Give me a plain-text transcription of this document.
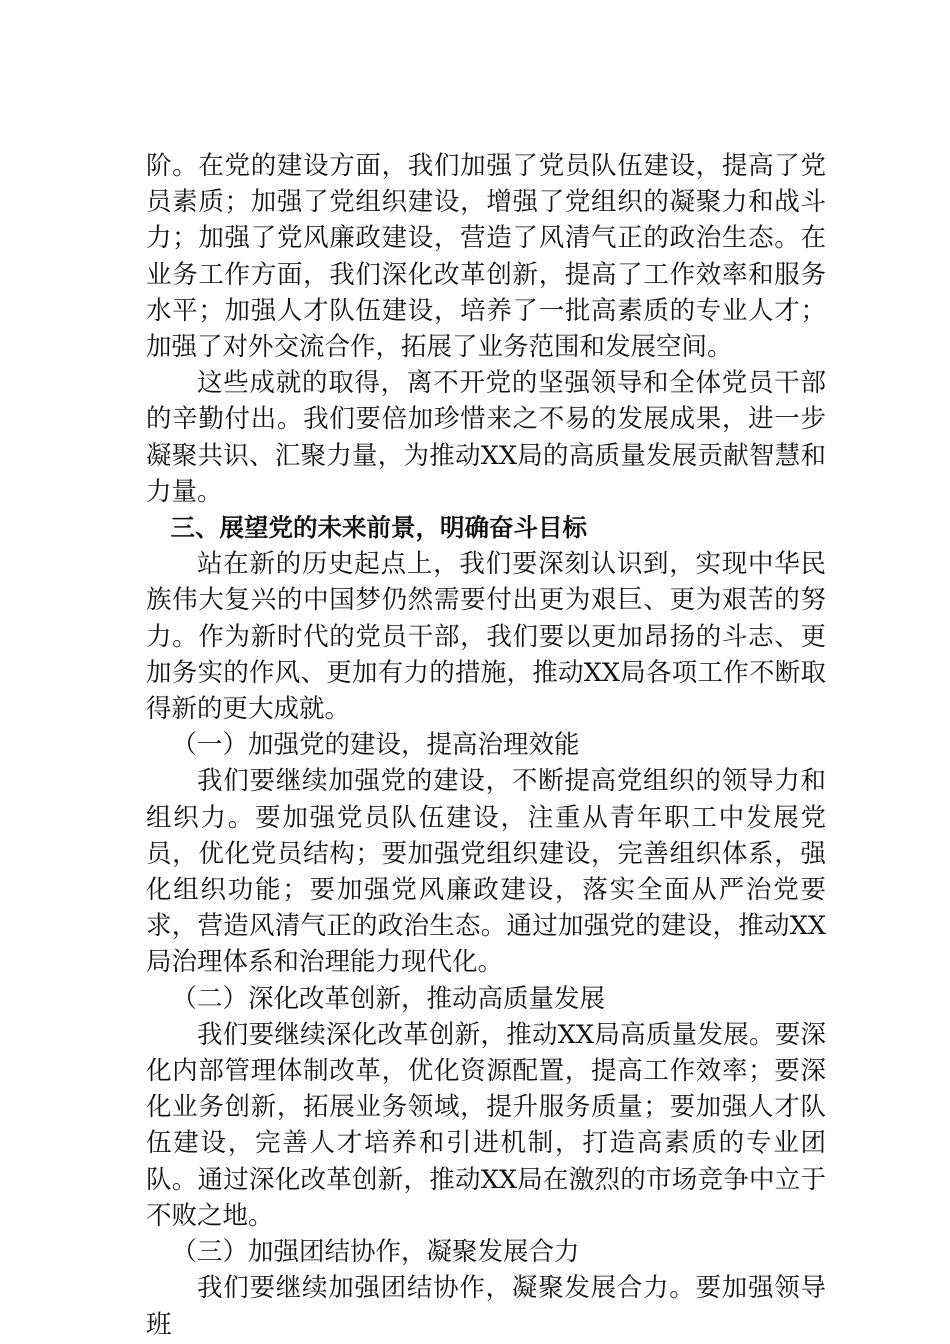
阶。在党的建设方面，我们加强了党员队伍建设，提高了党员素质；加强了党组织建设，增强了党组织的凝聚力和战斗力；加强了党风廉政建设，营造了风清气正的政治生态。在业务工作方面，我们深化改革创新，提高了工作效率和服务水平；加强人才队伍建设，培养了一批高素质的专业人才；加强了对外交流合作，拓展了业务范围和发展空间。

这些成就的取得，离不开党的坚强领导和全体党员干部的辛勤付出。我们要倍加珍惜来之不易的发展成果，进一步凝聚共识、汇聚力量，为推动XX局的高质量发展贡献智慧和力量。

三、展望党的未来前景，明确奋斗目标

站在新的历史起点上，我们要深刻认识到，实现中华民族伟大复兴的中国梦仍然需要付出更为艰巨、更为艰苦的努力。作为新时代的党员干部，我们要以更加昂扬的斗志、更加务实的作风、更加有力的措施，推动XX局各项工作不断取得新的更大成就。

（一）加强党的建设，提高治理效能

我们要继续加强党的建设，不断提高党组织的领导力和组织力。要加强党员队伍建设，注重从青年职工中发展党员，优化党员结构；要加强党组织建设，完善组织体系，强化组织功能；要加强党风廉政建设，落实全面从严治党要求，营造风清气正的政治生态。通过加强党的建设，推动XX局治理体系和治理能力现代化。

（二）深化改革创新，推动高质量发展

我们要继续深化改革创新，推动XX局高质量发展。要深化内部管理体制改革，优化资源配置，提高工作效率；要深化业务创新，拓展业务领域，提升服务质量；要加强人才队伍建设，完善人才培养和引进机制，打造高素质的专业团队。通过深化改革创新，推动XX局在激烈的市场竞争中立于不败之地。

（三）加强团结协作，凝聚发展合力

我们要继续加强团结协作，凝聚发展合力。要加强领导班
